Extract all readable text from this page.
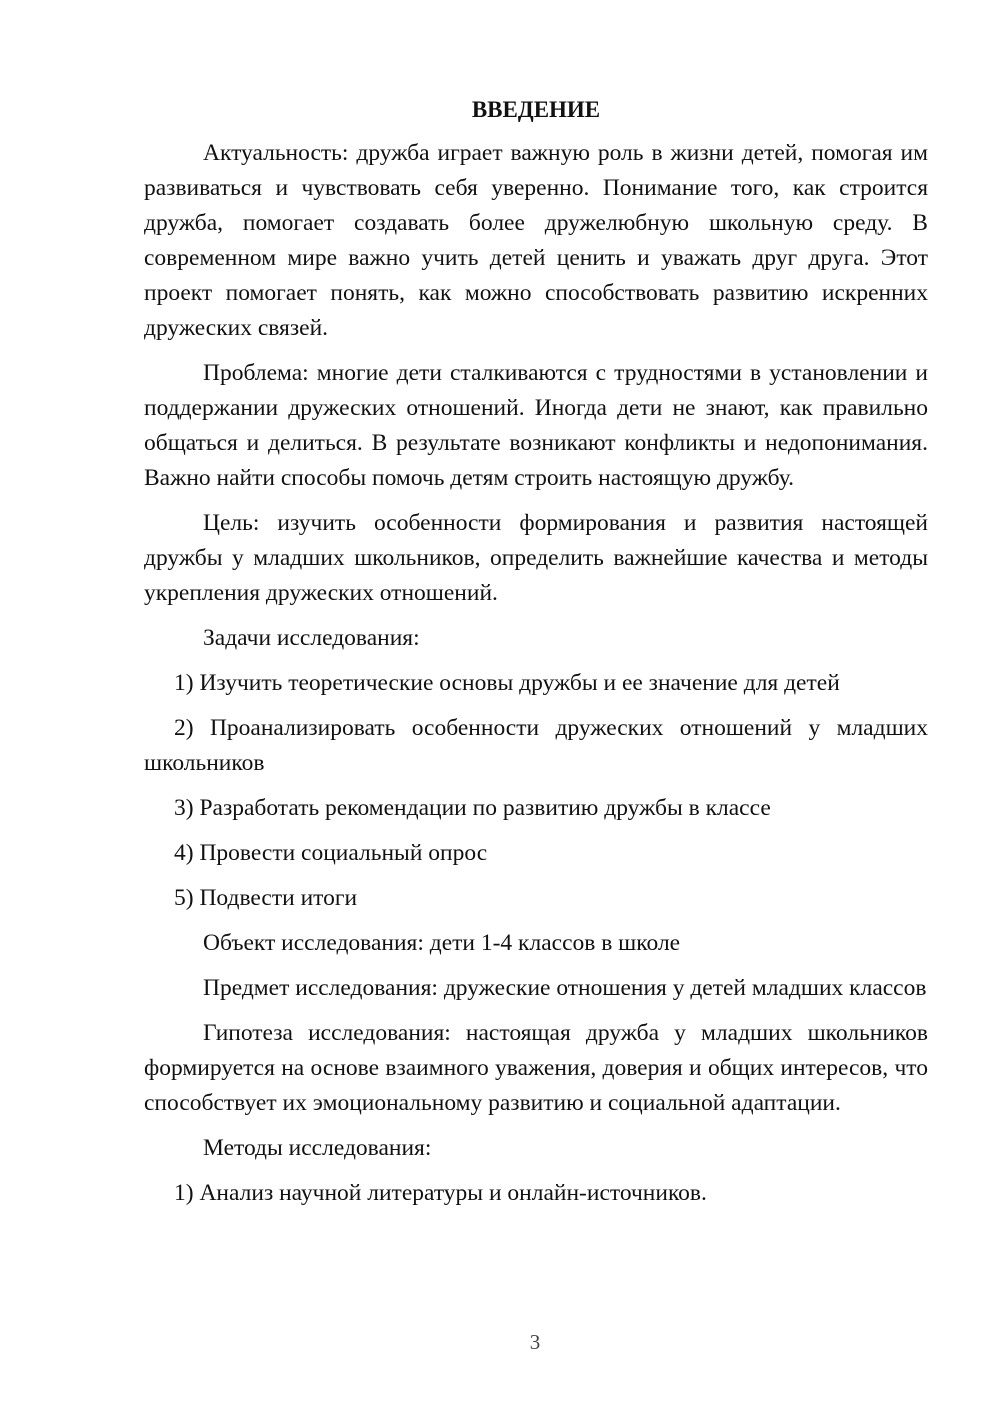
ВВЕДЕНИЕ

Актуальность: дружба играет важную роль в жизни детей, помогая им развиваться и чувствовать себя уверенно. Понимание того, как строится дружба, помогает создавать более дружелюбную школьную среду. В современном мире важно учить детей ценить и уважать друг друга. Этот проект помогает понять, как можно способствовать развитию искренних дружеских связей.

Проблема: многие дети сталкиваются с трудностями в установлении и поддержании дружеских отношений. Иногда дети не знают, как правильно общаться и делиться. В результате возникают конфликты и недопонимания. Важно найти способы помочь детям строить настоящую дружбу.

Цель: изучить особенности формирования и развития настоящей дружбы у младших школьников, определить важнейшие качества и методы укрепления дружеских отношений.

Задачи исследования:

1) Изучить теоретические основы дружбы и ее значение для детей

2) Проанализировать особенности дружеских отношений у младших школьников

3) Разработать рекомендации по развитию дружбы в классе

4) Провести социальный опрос

5) Подвести итоги

Объект исследования: дети 1-4 классов в школе

Предмет исследования: дружеские отношения у детей младших классов

Гипотеза исследования: настоящая дружба у младших школьников формируется на основе взаимного уважения, доверия и общих интересов, что способствует их эмоциональному развитию и социальной адаптации.

Методы исследования:

1) Анализ научной литературы и онлайн-источников.

3
